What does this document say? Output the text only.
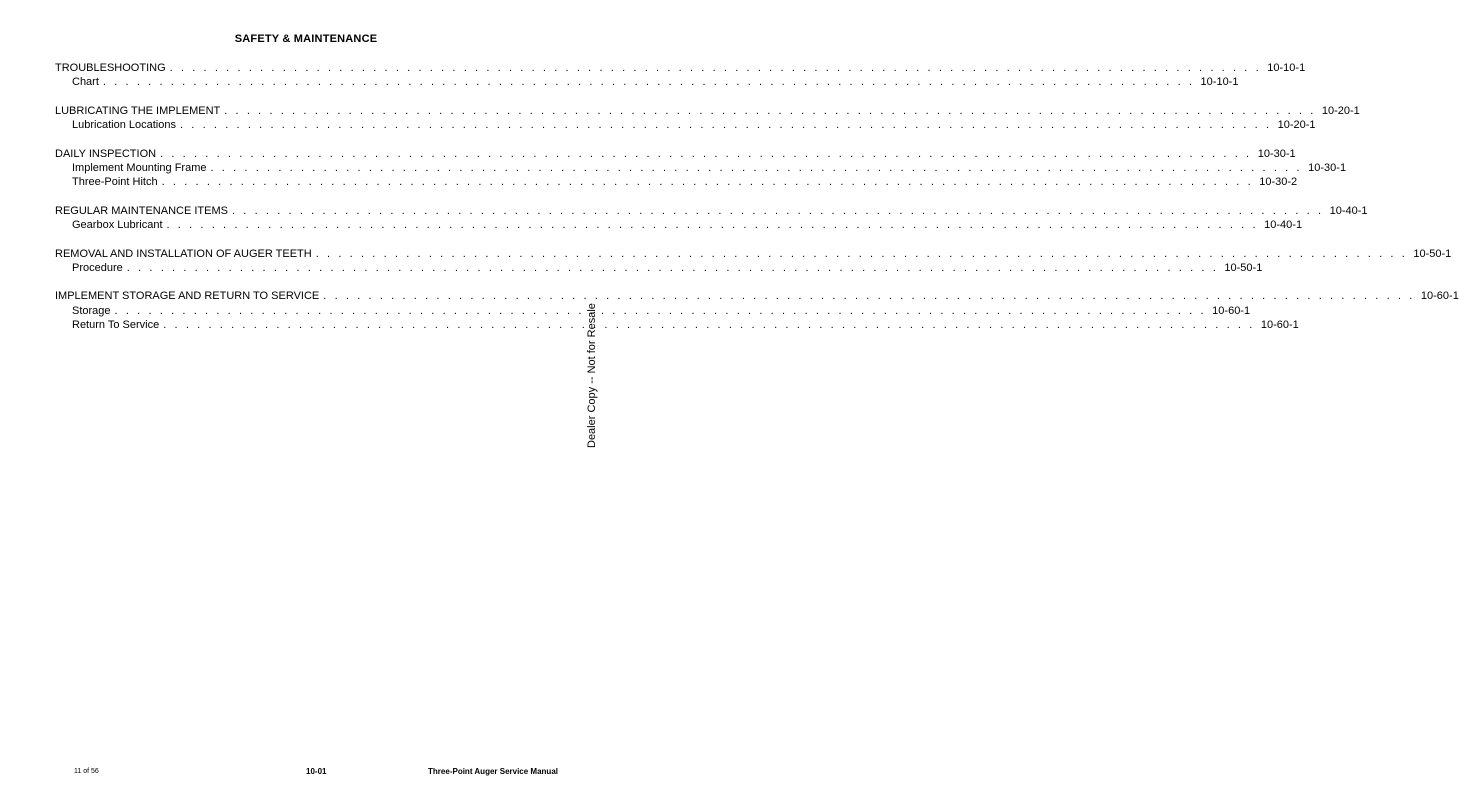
SAFETY & MAINTENANCE
TROUBLESHOOTING . . . . . . . . . . . . . . . . . . . . . . . . . . . . . . . . . . . . . . . . . . . . . . . . . . . . . . . . . . . . . . . . . . . . . . . . . . . . . . . . . . . . . . . . . . . . . . . . . 10-10-1
Chart . . . . . . . . . . . . . . . . . . . . . . . . . . . . . . . . . . . . . . . . . . . . . . . . . . . . . . . . . . . . . . . . . . . . . . . . . . . . . . . . . . . . . . . . . . . . . . . . . 10-10-1
LUBRICATING THE IMPLEMENT . . . . . . . . . . . . . . . . . . . . . . . . . . . . . . . . . . . . . . . . . . . . . . . . . . . . . . . . . . . . . . . . . . . . . . . . . . . . . . . . . . . . . . . . . . . . . . . . . 10-20-1
Lubrication Locations . . . . . . . . . . . . . . . . . . . . . . . . . . . . . . . . . . . . . . . . . . . . . . . . . . . . . . . . . . . . . . . . . . . . . . . . . . . . . . . . . . . . . . . . . . . . . . . . . 10-20-1
DAILY INSPECTION . . . . . . . . . . . . . . . . . . . . . . . . . . . . . . . . . . . . . . . . . . . . . . . . . . . . . . . . . . . . . . . . . . . . . . . . . . . . . . . . . . . . . . . . . . . . . . . . . 10-30-1
Implement Mounting Frame . . . . . . . . . . . . . . . . . . . . . . . . . . . . . . . . . . . . . . . . . . . . . . . . . . . . . . . . . . . . . . . . . . . . . . . . . . . . . . . . . . . . . . . . . . . . . . . . . 10-30-1
Three-Point Hitch . . . . . . . . . . . . . . . . . . . . . . . . . . . . . . . . . . . . . . . . . . . . . . . . . . . . . . . . . . . . . . . . . . . . . . . . . . . . . . . . . . . . . . . . . . . . . . . . . 10-30-2
REGULAR MAINTENANCE ITEMS . . . . . . . . . . . . . . . . . . . . . . . . . . . . . . . . . . . . . . . . . . . . . . . . . . . . . . . . . . . . . . . . . . . . . . . . . . . . . . . . . . . . . . . . . . . . . . . . . 10-40-1
Gearbox Lubricant . . . . . . . . . . . . . . . . . . . . . . . . . . . . . . . . . . . . . . . . . . . . . . . . . . . . . . . . . . . . . . . . . . . . . . . . . . . . . . . . . . . . . . . . . . . . . . . . . 10-40-1
REMOVAL AND INSTALLATION OF AUGER TEETH . . . . . . . . . . . . . . . . . . . . . . . . . . . . . . . . . . . . . . . . . . . . . . . . . . . . . . . . . . . . . . . . . . . . . . . . . . . . . . . . . . . . . . . . . . . . . . . . . 10-50-1
Procedure . . . . . . . . . . . . . . . . . . . . . . . . . . . . . . . . . . . . . . . . . . . . . . . . . . . . . . . . . . . . . . . . . . . . . . . . . . . . . . . . . . . . . . . . . . . . . . . . . 10-50-1
IMPLEMENT STORAGE AND RETURN TO SERVICE . . . . . . . . . . . . . . . . . . . . . . . . . . . . . . . . . . . . . . . . . . . . . . . . . . . . . . . . . . . . . . . . . . . . . . . . . . . . . . . . . . . . . . . . . . . . . . . . . 10-60-1
Storage . . . . . . . . . . . . . . . . . . . . . . . . . . . . . . . . . . . . . . . . . . . . . . . . . . . . . . . . . . . . . . . . . . . . . . . . . . . . . . . . . . . . . . . . . . . . . . . . . 10-60-1
Return To Service . . . . . . . . . . . . . . . . . . . . . . . . . . . . . . . . . . . . . . . . . . . . . . . . . . . . . . . . . . . . . . . . . . . . . . . . . . . . . . . . . . . . . . . . . . . . . . . . . 10-60-1
Dealer Copy -- Not for Resale
11 of 56	10-01	Three-Point Auger Service Manual
